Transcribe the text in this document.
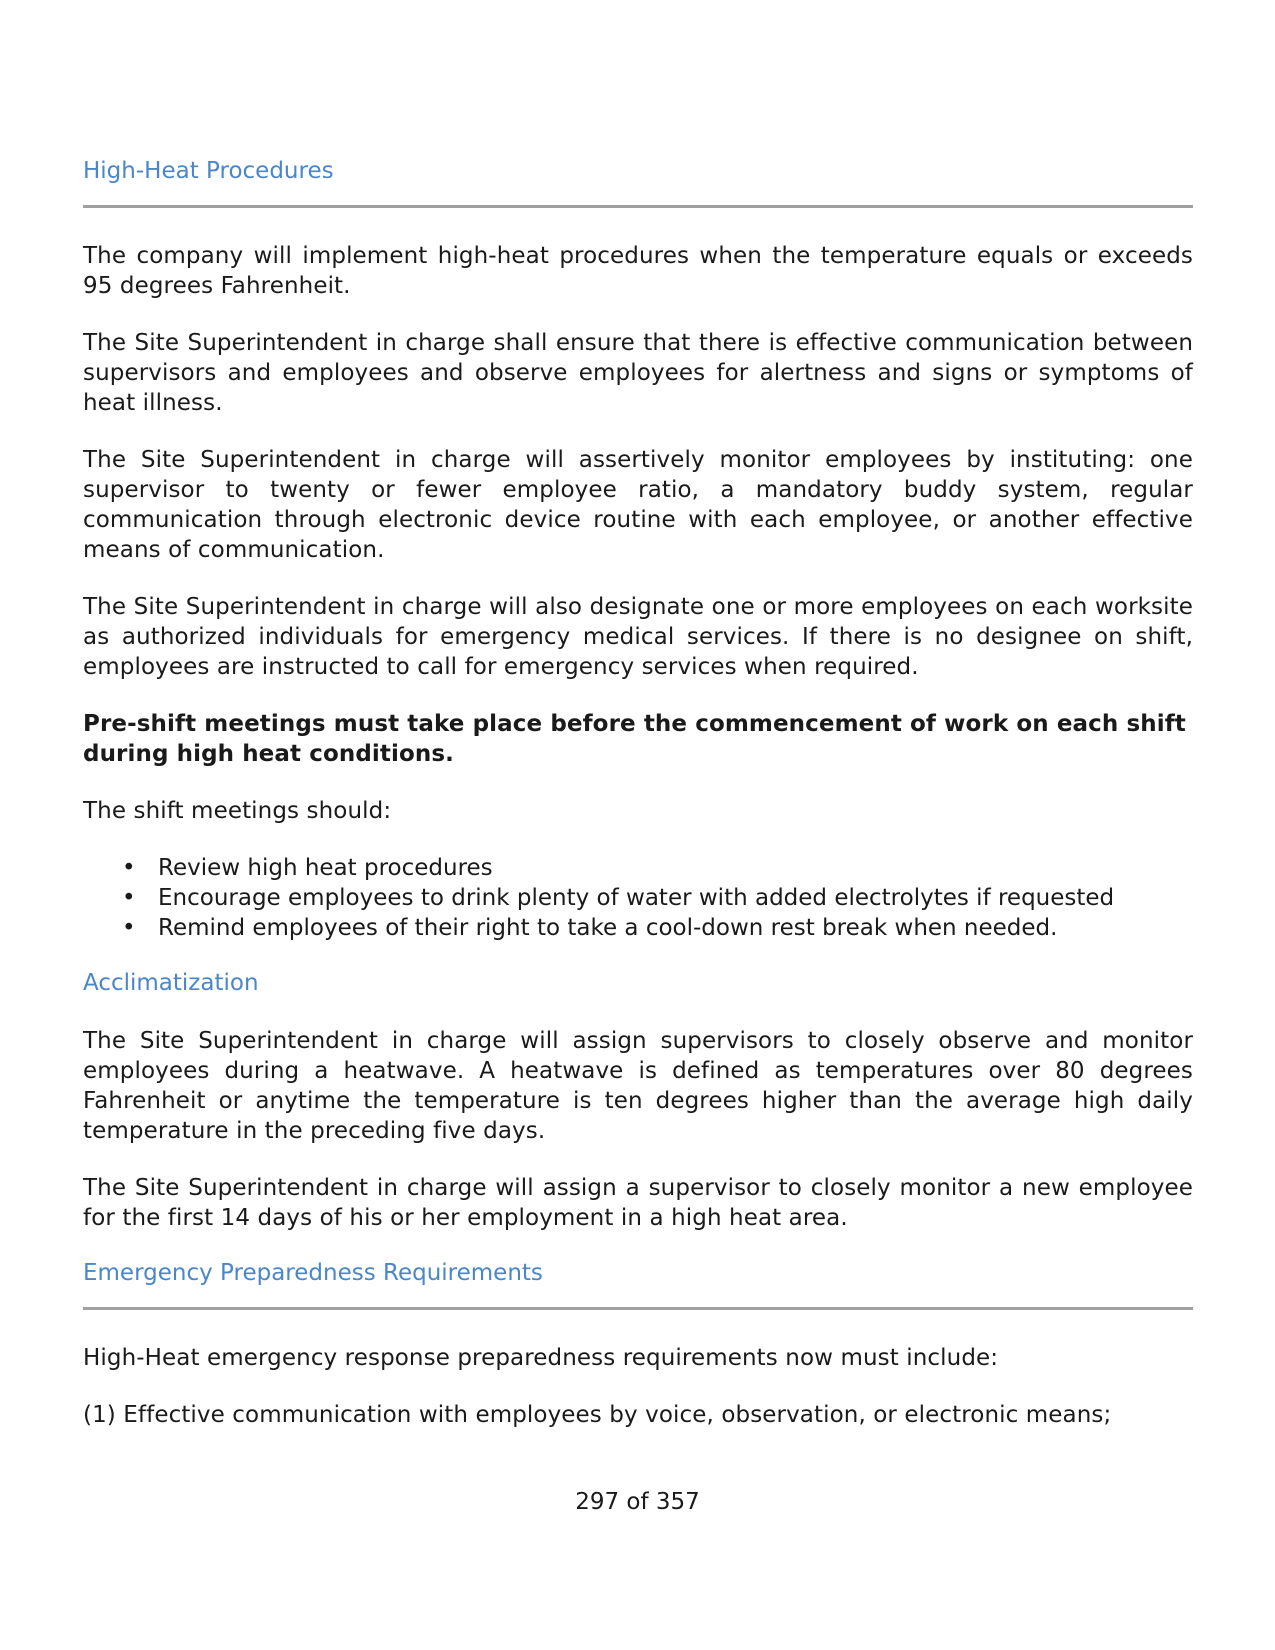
High-Heat Procedures

The company will implement high-heat procedures when the temperature equals or exceeds 95 degrees Fahrenheit.

The Site Superintendent in charge shall ensure that there is effective communication between supervisors and employees and observe employees for alertness and signs or symptoms of heat illness.

The Site Superintendent in charge will assertively monitor employees by instituting: one supervisor to twenty or fewer employee ratio, a mandatory buddy system, regular communication through electronic device routine with each employee, or another effective means of communication.

The Site Superintendent in charge will also designate one or more employees on each worksite as authorized individuals for emergency medical services. If there is no designee on shift, employees are instructed to call for emergency services when required.

Pre-shift meetings must take place before the commencement of work on each shift during high heat conditions.

The shift meetings should:

• Review high heat procedures
• Encourage employees to drink plenty of water with added electrolytes if requested
• Remind employees of their right to take a cool-down rest break when needed.
Acclimatization

The Site Superintendent in charge will assign supervisors to closely observe and monitor employees during a heatwave. A heatwave is defined as temperatures over 80 degrees Fahrenheit or anytime the temperature is ten degrees higher than the average high daily temperature in the preceding five days.

The Site Superintendent in charge will assign a supervisor to closely monitor a new employee for the first 14 days of his or her employment in a high heat area.

Emergency Preparedness Requirements

High-Heat emergency response preparedness requirements now must include:

(1) Effective communication with employees by voice, observation, or electronic means;

297 of 357
